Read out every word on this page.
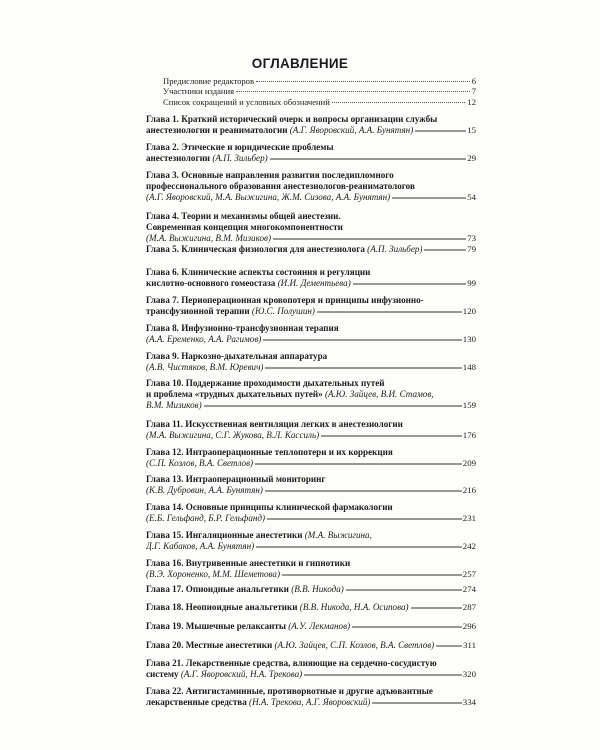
ОГЛАВЛЕНИЕ
Предисловие редакторов	6
Участники издания	7
Список сокращений и условных обозначений	12
Глава 1. Краткий исторический очерк и вопросы организации службы
анестезиологии и реаниматологии (А.Г. Яворовский, А.А. Бунятян)	15
Глава 2. Этические и юридические проблемы
анестезиологии (А.П. Зильбер)	29
Глава 3. Основные направления развития последипломного
профессионального образования анестезиологов-реаниматологов
(А.Г. Яворовский, М.А. Выжигина, Ж.М. Сизова, А.А. Бунятян)	54
Глава 4. Теории и механизмы общей анестезии.
Современная концепция многокомпонентности
(М.А. Выжигина, В.М. Мизиков)	73
Глава 5. Клиническая физиология для анестезиолога (А.П. Зильбер)	79
Глава 6. Клинические аспекты состояния и регуляции
кислотно-основного гомеостаза (И.И. Дементьева)	99
Глава 7. Периоперационная кровопотеря и принципы инфузионно-
трансфузионной терапии (Ю.С. Полушин)	120
Глава 8. Инфузионно-трансфузионная терапия
(А.А. Еременко, А.А. Рагимов)	130
Глава 9. Наркозно-дыхательная аппаратура
(А.В. Чистяков, В.М. Юревич)	148
Глава 10. Поддержание проходимости дыхательных путей
и проблема «трудных дыхательных путей» (А.Ю. Зайцев, В.И. Стамов,
В.М. Мизиков)	159
Глава 11. Искусственная вентиляция легких в анестезиологии
(М.А. Выжигина, С.Г. Жукова, В.Л. Кассиль)	176
Глава 12. Интраоперационные теплопотери и их коррекция
(С.П. Козлов, В.А. Светлов)	209
Глава 13. Интраоперационный мониторинг
(К.В. Дубровин, А.А. Бунятян)	216
Глава 14. Основные принципы клинической фармакологии
(Е.Б. Гельфанд, Б.Р. Гельфанд)	231
Глава 15. Ингаляционные анестетики (М.А. Выжигина,
Д.Г. Кабаков, А.А. Бунятян)	242
Глава 16. Внутривенные анестетики и гипнотики
(В.Э. Хороненко, М.М. Шеметова)	257
Глава 17. Опиоидные анальгетики (В.В. Никода)	274
Глава 18. Неопиоидные анальгетики (В.В. Никода, Н.А. Осипова)	287
Глава 19. Мышечные релаксанты (А.У. Лекманов)	296
Глава 20. Местные анестетики (А.Ю. Зайцев, С.П. Козлов, В.А. Светлов)	311
Глава 21. Лекарственные средства, влияющие на сердечно-сосудистую
систему (А.Г. Яворовский, Н.А. Трекова)	320
Глава 22. Антигистаминные, противорвотные и другие адъювантные
лекарственные средства (Н.А. Трекова, А.Г. Яворовский)	334
